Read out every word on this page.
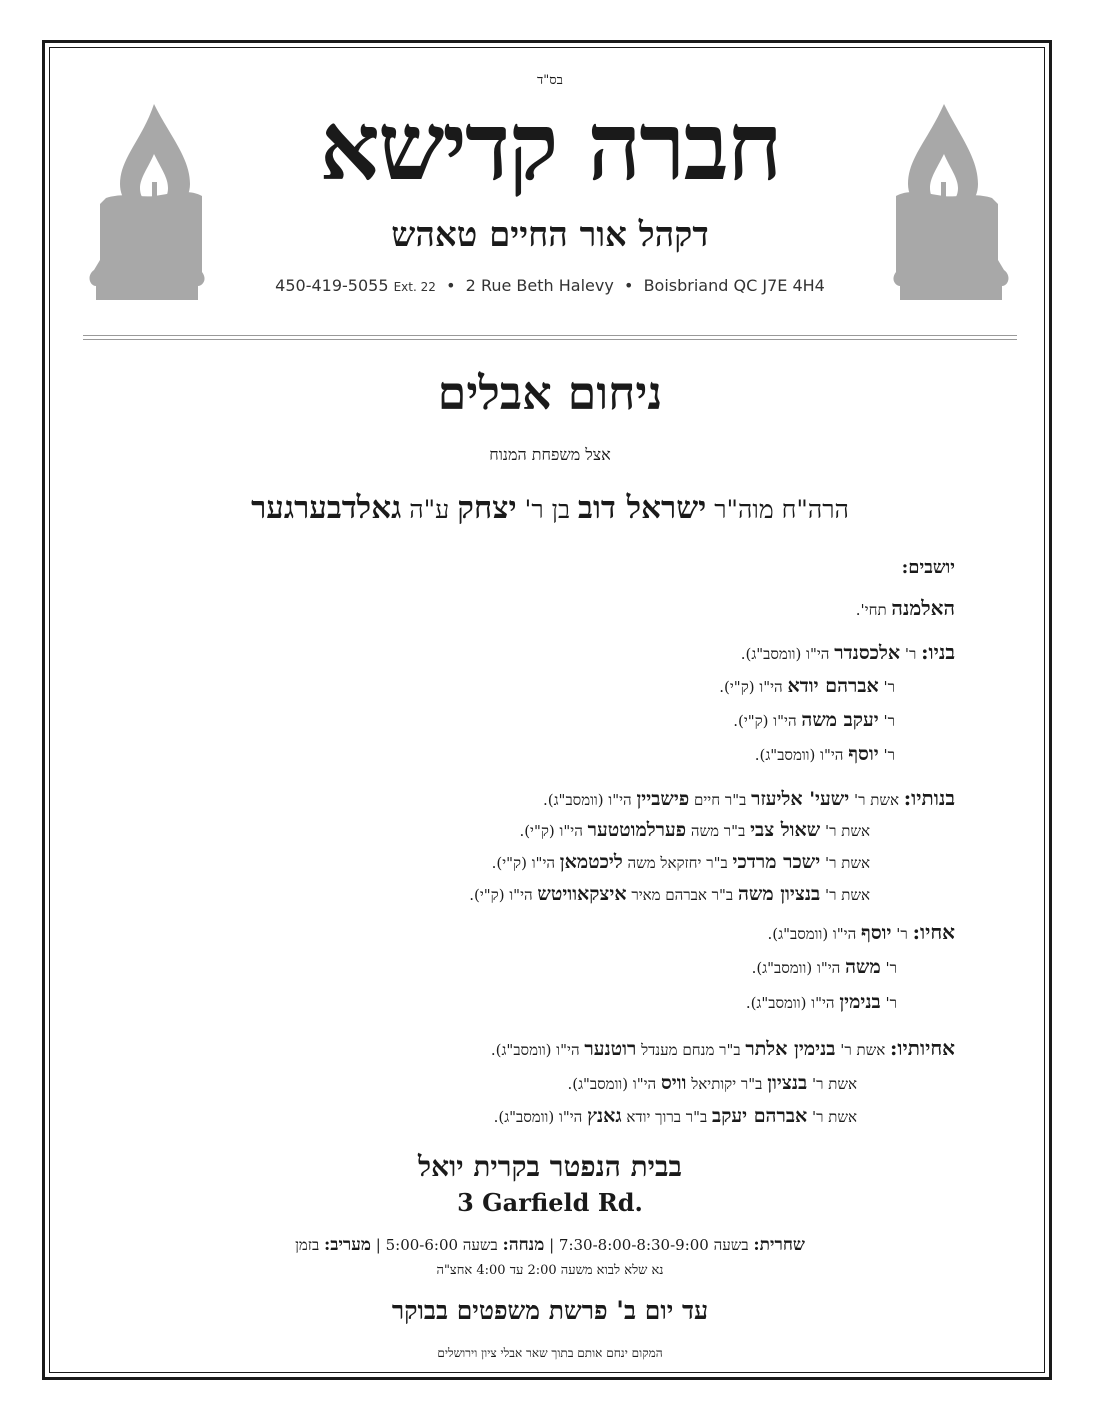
בס"ד
חברה קדישא
דקהל אור החיים טאהש
450-419-5055 Ext. 22 • 2 Rue Beth Halevy • Boisbriand QC J7E 4H4
ניחום אבלים
אצל משפחת המנוח
הרה"ח מוה"ר ישראל דוב בן ר' יצחק ע"ה גאלדבערגער
יושבים:
האלמנה תחי'.
בניו: ר' אלכסנדר הי"ו (וומסב"ג).
ר' אברהם יודא הי"ו (ק"י).
ר' יעקב משה הי"ו (ק"י).
ר' יוסף הי"ו (וומסב"ג).
בנותיו: אשת ר' ישעי' אליעזר ב"ר חיים פישביין הי"ו (וומסב"ג).
אשת ר' שאול צבי ב"ר משה פערלמוטטער הי"ו (ק"י).
אשת ר' ישכר מרדכי ב"ר יחזקאל משה ליכטמאן הי"ו (ק"י).
אשת ר' בנציון משה ב"ר אברהם מאיר איצקאוויטש הי"ו (ק"י).
אחיו: ר' יוסף הי"ו (וומסב"ג).
ר' משה הי"ו (וומסב"ג).
ר' בנימין הי"ו (וומסב"ג).
אחיותיו: אשת ר' בנימין אלתר ב"ר מנחם מענדל רוטנער הי"ו (וומסב"ג).
אשת ר' בנציון ב"ר יקותיאל וויס הי"ו (וומסב"ג).
אשת ר' אברהם יעקב ב"ר ברוך יודא גאנץ הי"ו (וומסב"ג).
בבית הנפטר בקרית יואל
3 Garfield Rd.
שחרית: בשעה 7:30-8:00-8:30-9:00 | מנחה: בשעה 5:00-6:00 | מעריב: בזמן
נא שלא לבוא משעה 2:00 עד 4:00 אחצ"ה
עד יום ב' פרשת משפטים בבוקר
המקום ינחם אותם בתוך שאר אבלי ציון וירושלים
